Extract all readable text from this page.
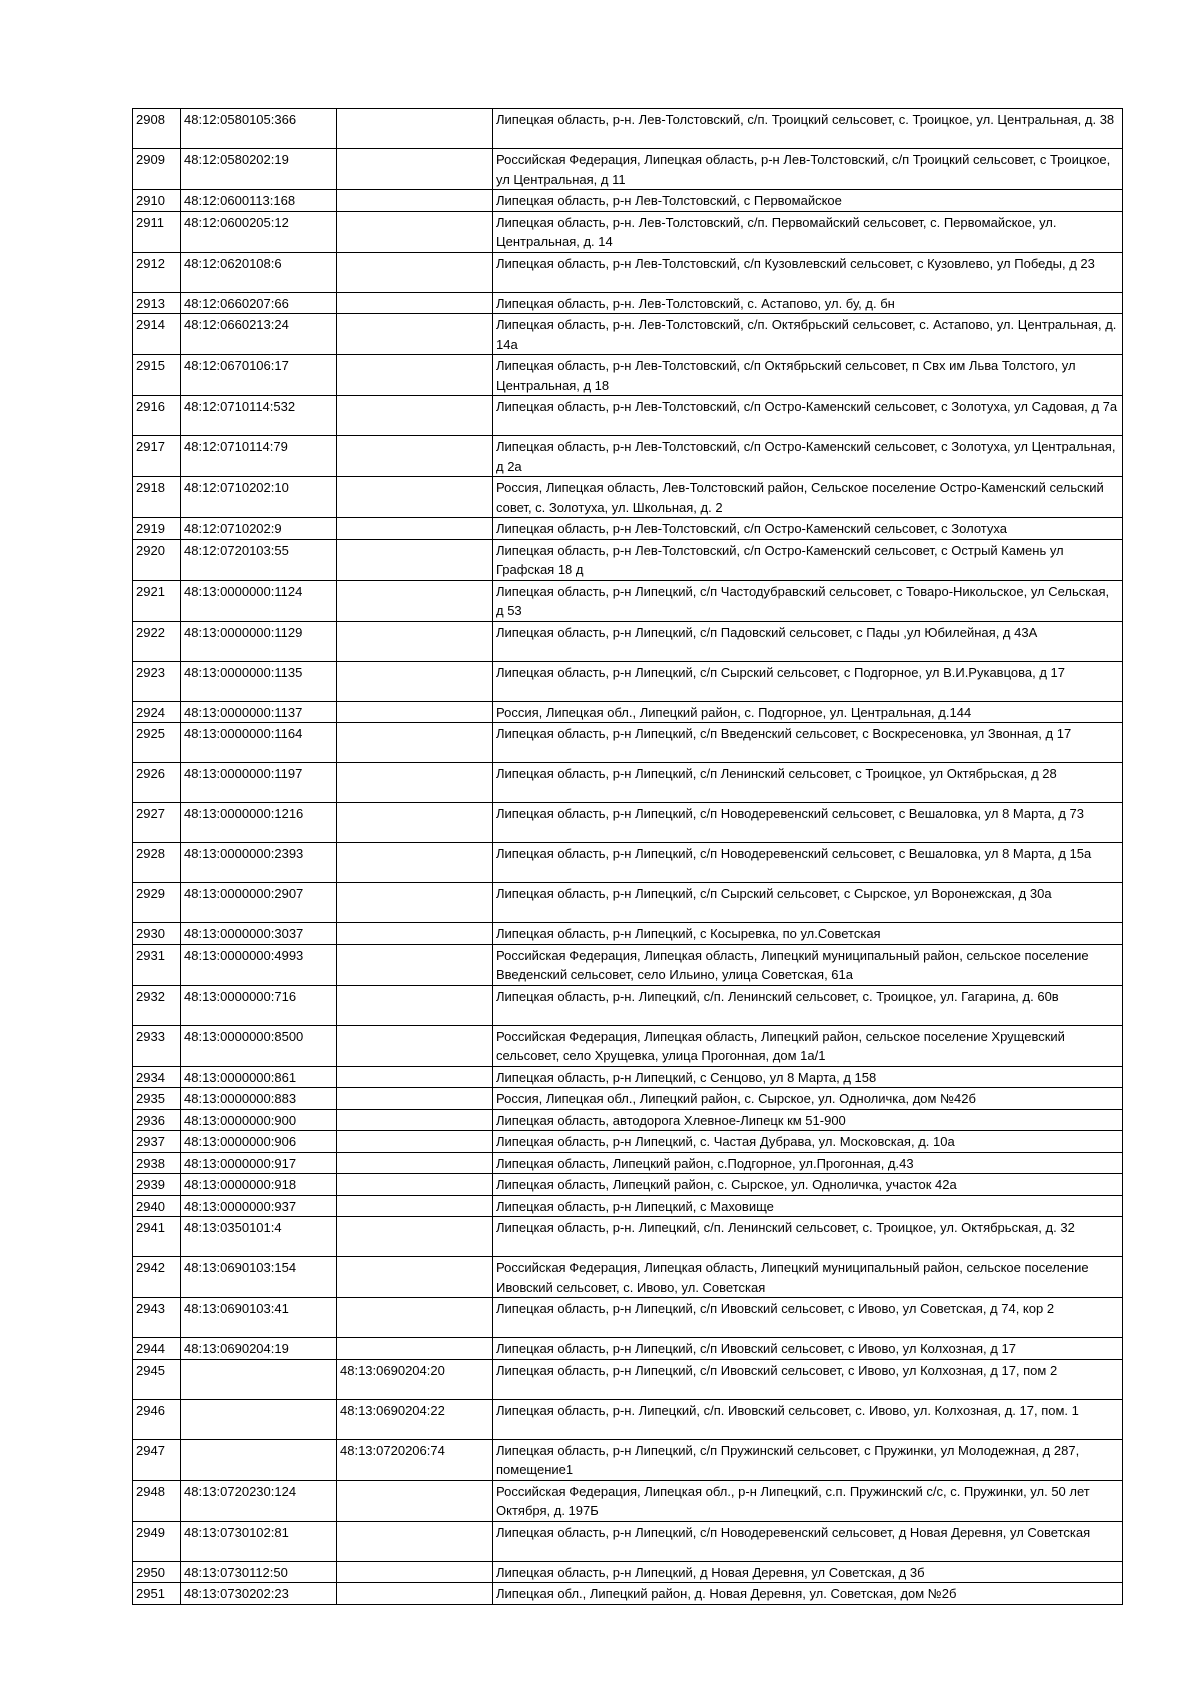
2908	48:12:0580105:366		Липецкая область, р-н. Лев-Толстовский, с/п. Троицкий сельсовет, с. Троицкое, ул. Центральная, д. 38
2909	48:12:0580202:19		Российская Федерация, Липецкая область, р-н Лев-Толстовский, с/п Троицкий сельсовет, с Троицкое, ул Центральная, д 11
2910	48:12:0600113:168		Липецкая область, р-н Лев-Толстовский, с Первомайское
2911	48:12:0600205:12		Липецкая область, р-н. Лев-Толстовский, с/п. Первомайский сельсовет, с. Первомайское, ул. Центральная, д. 14
2912	48:12:0620108:6		Липецкая область, р-н Лев-Толстовский, с/п Кузовлевский сельсовет, с Кузовлево, ул Победы, д 23
2913	48:12:0660207:66		Липецкая область, р-н. Лев-Толстовский, с. Астапово, ул. бу, д. бн
2914	48:12:0660213:24		Липецкая область, р-н. Лев-Толстовский, с/п. Октябрьский сельсовет, с. Астапово, ул. Центральная, д. 14а
2915	48:12:0670106:17		Липецкая область, р-н Лев-Толстовский, с/п Октябрьский сельсовет, п Свх им Льва Толстого, ул Центральная, д 18
2916	48:12:0710114:532		Липецкая область, р-н Лев-Толстовский, с/п Остро-Каменский сельсовет, с Золотуха, ул Садовая, д 7а
2917	48:12:0710114:79		Липецкая область, р-н Лев-Толстовский, с/п Остро-Каменский сельсовет, с Золотуха, ул Центральная, д 2а
2918	48:12:0710202:10		Россия, Липецкая область, Лев-Толстовский район, Сельское поселение Остро-Каменский сельский совет, с. Золотуха, ул. Школьная, д. 2
2919	48:12:0710202:9		Липецкая область, р-н Лев-Толстовский, с/п Остро-Каменский сельсовет, с Золотуха
2920	48:12:0720103:55		Липецкая область, р-н Лев-Толстовский, с/п Остро-Каменский сельсовет, с Острый Камень ул Графская 18 д
2921	48:13:0000000:1124		Липецкая область, р-н Липецкий, с/п Частодубравский сельсовет, с Товаро-Никольское, ул Сельская, д 53
2922	48:13:0000000:1129		Липецкая область, р-н Липецкий, с/п Падовский сельсовет, с Пады ,ул Юбилейная, д 43А
2923	48:13:0000000:1135		Липецкая область, р-н Липецкий, с/п Сырский сельсовет, с Подгорное, ул В.И.Рукавцова, д 17
2924	48:13:0000000:1137		Россия, Липецкая обл., Липецкий район, с. Подгорное, ул. Центральная, д.144
2925	48:13:0000000:1164		Липецкая область, р-н Липецкий, с/п Введенский сельсовет, с Воскресеновка, ул Звонная, д 17
2926	48:13:0000000:1197		Липецкая область, р-н Липецкий, с/п Ленинский сельсовет, с Троицкое, ул Октябрьская, д 28
2927	48:13:0000000:1216		Липецкая область, р-н Липецкий, с/п Новодеревенский сельсовет, с Вешаловка, ул 8 Марта, д 73
2928	48:13:0000000:2393		Липецкая область, р-н Липецкий, с/п Новодеревенский сельсовет, с Вешаловка, ул 8 Марта, д 15а
2929	48:13:0000000:2907		Липецкая область, р-н Липецкий, с/п Сырский сельсовет, с Сырское, ул Воронежская, д 30а
2930	48:13:0000000:3037		Липецкая область, р-н Липецкий, с Косыревка, по ул.Советская
2931	48:13:0000000:4993		Российская Федерация, Липецкая область, Липецкий муниципальный район, сельское поселение Введенский сельсовет, село Ильино, улица Советская, 61а
2932	48:13:0000000:716		Липецкая область, р-н. Липецкий, с/п. Ленинский сельсовет, с. Троицкое, ул. Гагарина, д. 60в
2933	48:13:0000000:8500		Российская Федерация, Липецкая область, Липецкий район, сельское поселение Хрущевский сельсовет, село Хрущевка, улица Прогонная, дом 1а/1
2934	48:13:0000000:861		Липецкая область, р-н Липецкий, с Сенцово, ул 8 Марта, д 158
2935	48:13:0000000:883		Россия, Липецкая обл., Липецкий район, с. Сырское, ул. Одноличка, дом №42б
2936	48:13:0000000:900		Липецкая область, автодорога Хлевное-Липецк км 51-900
2937	48:13:0000000:906		Липецкая область, р-н Липецкий, с. Частая Дубрава, ул. Московская, д. 10а
2938	48:13:0000000:917		Липецкая область, Липецкий район, с.Подгорное, ул.Прогонная, д.43
2939	48:13:0000000:918		Липецкая область, Липецкий район, с. Сырское, ул. Одноличка, участок 42а
2940	48:13:0000000:937		Липецкая область, р-н Липецкий, с Маховище
2941	48:13:0350101:4		Липецкая область, р-н. Липецкий, с/п. Ленинский сельсовет, с. Троицкое, ул. Октябрьская, д. 32
2942	48:13:0690103:154		Российская Федерация, Липецкая область, Липецкий муниципальный район, сельское поселение Ивовский сельсовет, с. Ивово, ул. Советская
2943	48:13:0690103:41		Липецкая область, р-н Липецкий, с/п Ивовский сельсовет, с Ивово, ул Советская, д 74, кор 2
2944	48:13:0690204:19		Липецкая область, р-н Липецкий, с/п Ивовский сельсовет, с Ивово, ул Колхозная, д 17
2945		48:13:0690204:20	Липецкая область, р-н Липецкий, с/п Ивовский сельсовет, с Ивово, ул Колхозная, д 17, пом 2
2946		48:13:0690204:22	Липецкая область, р-н. Липецкий, с/п. Ивовский сельсовет, с. Ивово, ул. Колхозная, д. 17, пом. 1
2947		48:13:0720206:74	Липецкая область, р-н Липецкий, с/п Пружинский сельсовет, с Пружинки, ул Молодежная, д 287, помещение1
2948	48:13:0720230:124		Российская Федерация, Липецкая обл., р-н Липецкий, с.п. Пружинский с/с, с. Пружинки, ул. 50 лет Октября, д. 197Б
2949	48:13:0730102:81		Липецкая область, р-н Липецкий, с/п Новодеревенский сельсовет, д Новая Деревня, ул Советская
2950	48:13:0730112:50		Липецкая область, р-н Липецкий, д Новая Деревня, ул Советская, д 3б
2951	48:13:0730202:23		Липецкая обл., Липецкий район, д. Новая Деревня, ул. Советская, дом №2б
